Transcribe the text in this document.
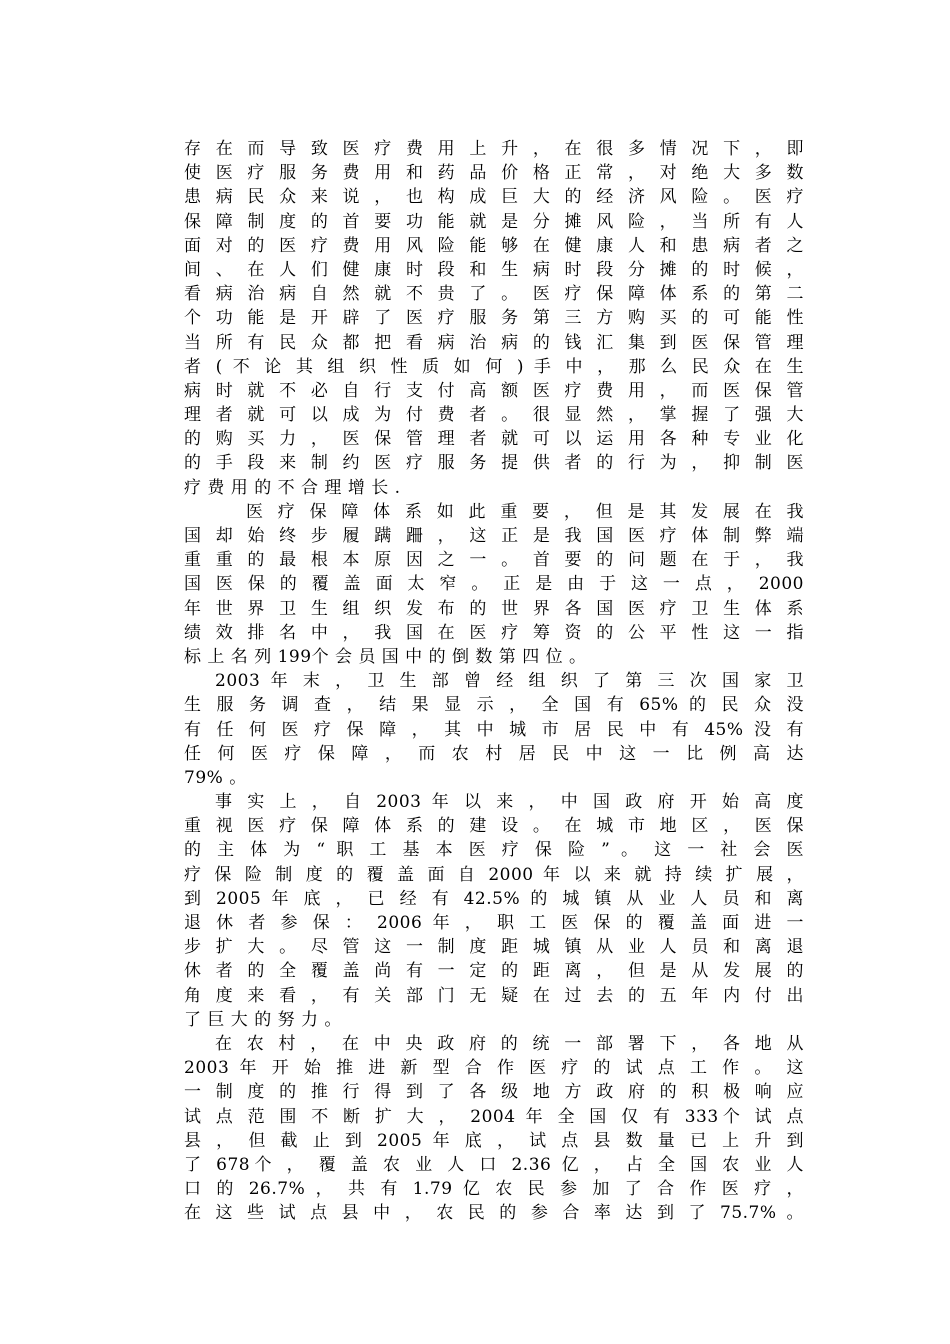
存 在 而 导 致 医 疗 费 用 上 升 ， 在 很 多 情 况 下 ， 即
使 医 疗 服 务 费 用 和 药 品 价 格 正 常 ， 对 绝 大 多 数
患 病 民 众 来 说 ， 也 构 成 巨 大 的 经 济 风 险 。 医 疗
保 障 制 度 的 首 要 功 能 就 是 分 摊 风 险 ， 当 所 有 人
面 对 的 医 疗 费 用 风 险 能 够 在 健 康 人 和 患 病 者 之
间 、 在 人 们 健 康 时 段 和 生 病 时 段 分 摊 的 时 候 ，
看 病 治 病 自 然 就 不 贵 了 。 医 疗 保 障 体 系 的 第 二
个 功 能 是 开 辟 了 医 疗 服 务 第 三 方 购 买 的 可 能 性
当 所 有 民 众 都 把 看 病 治 病 的 钱 汇 集 到 医 保 管 理
者 ( 不 论 其 组 织 性 质 如 何 ) 手 中 ， 那 么 民 众 在 生
病 时 就 不 必 自 行 支 付 高 额 医 疗 费 用 ， 而 医 保 管
理 者 就 可 以 成 为 付 费 者 。 很 显 然 ， 掌 握 了 强 大
的 购 买 力 ， 医 保 管 理 者 就 可 以 运 用 各 种 专 业 化
的 手 段 来 制 约 医 疗 服 务 提 供 者 的 行 为 ， 抑 制 医
疗 费 用 的 不 合 理 增 长 .
医 疗 保 障 体 系 如 此 重 要 ， 但 是 其 发 展 在 我
国 却 始 终 步 履 蹒 跚 ， 这 正 是 我 国 医 疗 体 制 弊 端
重 重 的 最 根 本 原 因 之 一 。 首 要 的 问 题 在 于 ， 我
国 医 保 的 覆 盖 面 太 窄 。 正 是 由 于 这 一 点 ， 2000
年 世 界 卫 生 组 织 发 布 的 世 界 各 国 医 疗 卫 生 体 系
绩 效 排 名 中 ， 我 国 在 医 疗 筹 资 的 公 平 性 这 一 指
标 上 名 列 199个 会 员 国 中 的 倒 数 第 四 位 。
2003 年 末 ， 卫 生 部 曾 经 组 织 了 第 三 次 国 家 卫
生 服 务 调 查 ， 结 果 显 示 ， 全 国 有 65% 的 民 众 没
有 任 何 医 疗 保 障 ， 其 中 城 市 居 民 中 有 45% 没 有
任 何 医 疗 保 障 ， 而 农 村 居 民 中 这 一 比 例 高 达
79% 。
事 实 上 ， 自 2003 年 以 来 ， 中 国 政 府 开 始 高 度
重 视 医 疗 保 障 体 系 的 建 设 。 在 城 市 地 区 ， 医 保
的 主 体 为 “ 职 工 基 本 医 疗 保 险 ” 。 这 一 社 会 医
疗 保 险 制 度 的 覆 盖 面 自 2000 年 以 来 就 持 续 扩 展 ，
到 2005 年 底 ， 已 经 有 42.5% 的 城 镇 从 业 人 员 和 离
退 休 者 参 保 ： 2006 年 ， 职 工 医 保 的 覆 盖 面 进 一
步 扩 大 。 尽 管 这 一 制 度 距 城 镇 从 业 人 员 和 离 退
休 者 的 全 覆 盖 尚 有 一 定 的 距 离 ， 但 是 从 发 展 的
角 度 来 看 ， 有 关 部 门 无 疑 在 过 去 的 五 年 内 付 出
了 巨 大 的 努 力 。
在 农 村 ， 在 中 央 政 府 的 统 一 部 署 下 ， 各 地 从
2003 年 开 始 推 进 新 型 合 作 医 疗 的 试 点 工 作 。 这
一 制 度 的 推 行 得 到 了 各 级 地 方 政 府 的 积 极 响 应
试 点 范 围 不 断 扩 大 ， 2004 年 全 国 仅 有 333个 试 点
县 ， 但 截 止 到 2005 年 底 ， 试 点 县 数 量 已 上 升 到
了 678个 ， 覆 盖 农 业 人 口 2.36 亿 ， 占 全 国 农 业 人
口 的 26.7% ， 共 有 1.79 亿 农 民 参 加 了 合 作 医 疗 ，
在 这 些 试 点 县 中 ， 农 民 的 参 合 率 达 到 了 75.7% 。
